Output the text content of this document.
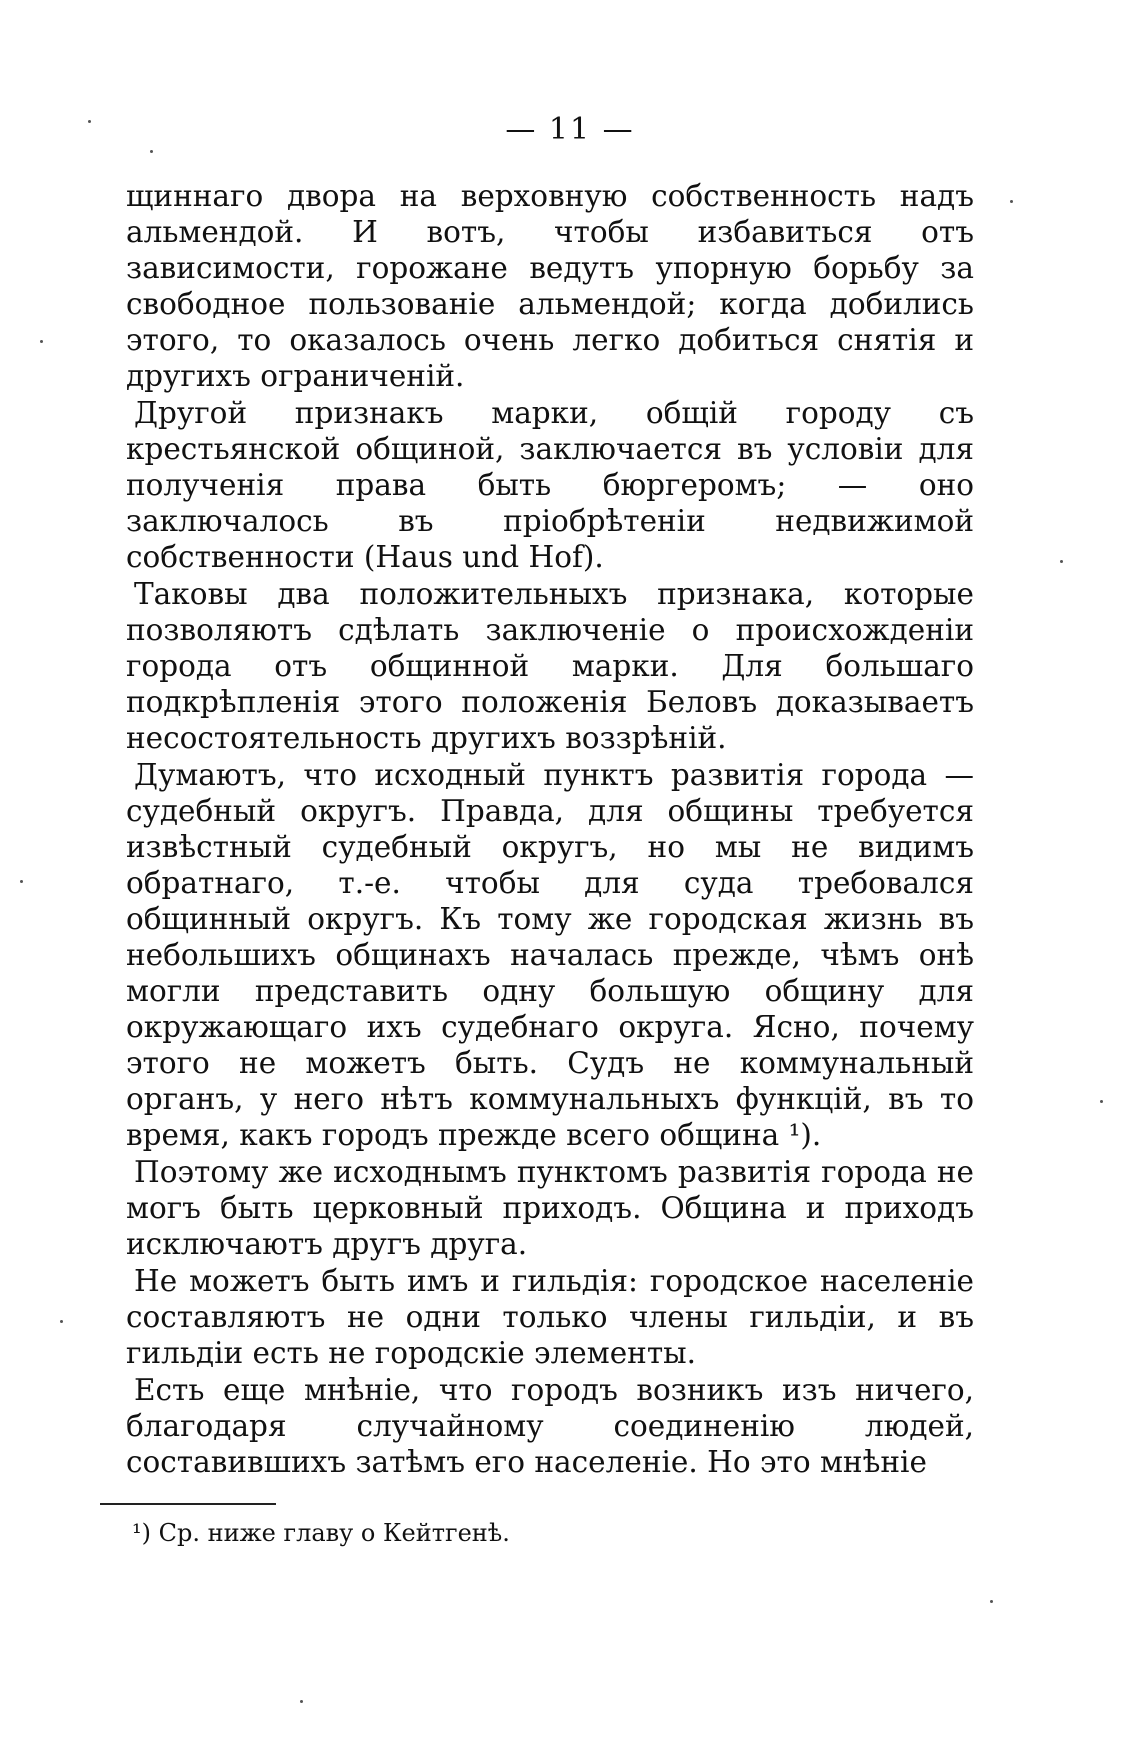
— 11 —

щиннаго двора на верховную собственность надъ альмендой. И вотъ, чтобы избавиться отъ зависимости, горожане ведутъ упорную борьбу за свободное пользованіе альмендой; когда добились этого, то оказалось очень легко добиться снятія и другихъ ограниченій.

Другой признакъ марки, общій городу съ крестьянской общиной, заключается въ условіи для полученія права быть бюргеромъ; — оно заключалось въ пріобрѣтеніи недвижимой собственности (Haus und Hof).

Таковы два положительныхъ признака, которые позволяютъ сдѣлать заключеніе о происхожденіи города отъ общинной марки. Для большаго подкрѣпленія этого положенія Беловъ доказываетъ несостоятельность другихъ воззрѣній.

Думаютъ, что исходный пунктъ развитія города — судебный округъ. Правда, для общины требуется извѣстный судебный округъ, но мы не видимъ обратнаго, т.-е. чтобы для суда требовался общинный округъ. Къ тому же городская жизнь въ небольшихъ общинахъ началась прежде, чѣмъ онѣ могли представить одну большую общину для окружающаго ихъ судебнаго округа. Ясно, почему этого не можетъ быть. Судъ не коммунальный органъ, у него нѣтъ коммунальныхъ функцій, въ то время, какъ городъ прежде всего община ¹).

Поэтому же исходнымъ пунктомъ развитія города не могъ быть церковный приходъ. Община и приходъ исключаютъ другъ друга.

Не можетъ быть имъ и гильдія: городское населеніе составляютъ не одни только члены гильдіи, и въ гильдіи есть не городскіе элементы.

Есть еще мнѣніе, что городъ возникъ изъ ничего, благодаря случайному соединенію людей, составившихъ затѣмъ его населеніе. Но это мнѣніе

¹) Ср. ниже главу о Кейтгенѣ.
